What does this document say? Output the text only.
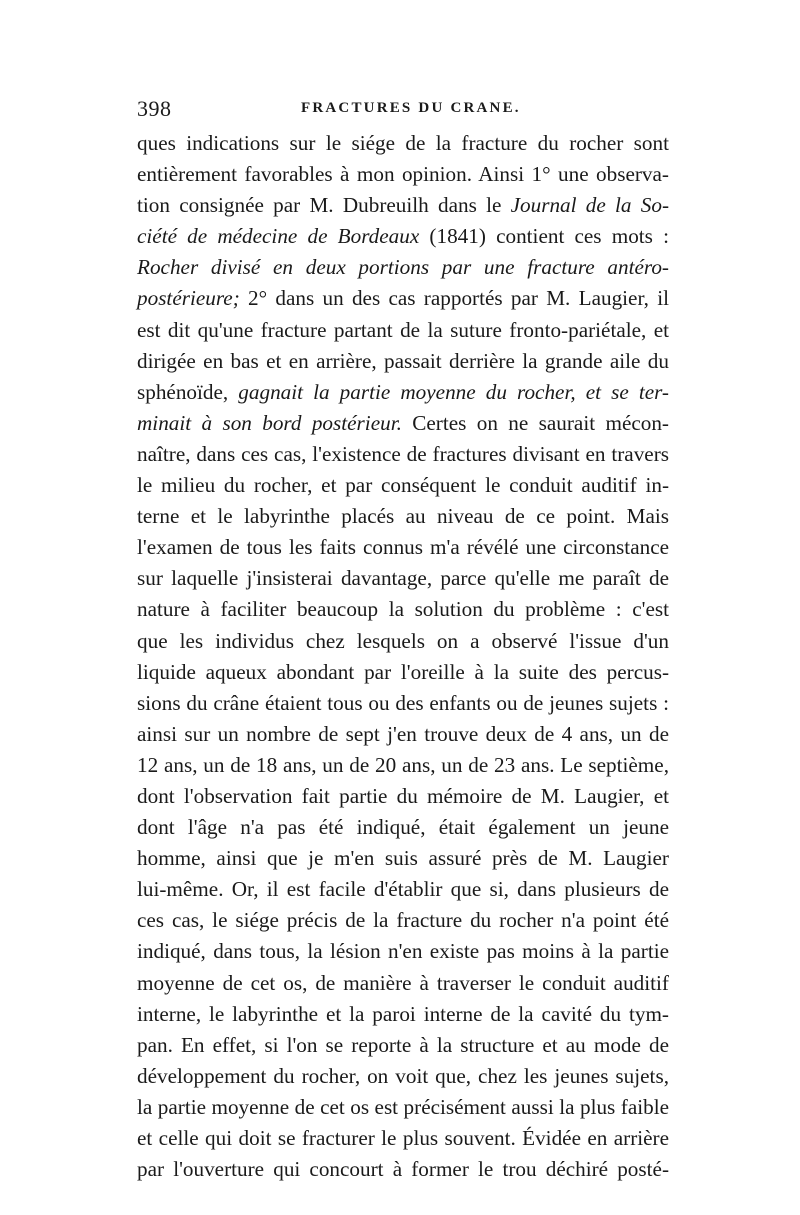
398	FRACTURES DU CRANE.
ques indications sur le siége de la fracture du rocher sont
entièrement favorables à mon opinion. Ainsi 1° une observa-
tion consignée par M. Dubreuilh dans le Journal de la So-
ciété de médecine de Bordeaux (1841) contient ces mots :
Rocher divisé en deux portions par une fracture antéro-
postérieure; 2° dans un des cas rapportés par M. Laugier, il
est dit qu'une fracture partant de la suture fronto-pariétale, et
dirigée en bas et en arrière, passait derrière la grande aile du
sphénoïde, gagnait la partie moyenne du rocher, et se ter-
minait à son bord postérieur. Certes on ne saurait mécon-
naître, dans ces cas, l'existence de fractures divisant en travers
le milieu du rocher, et par conséquent le conduit auditif in-
terne et le labyrinthe placés au niveau de ce point. Mais
l'examen de tous les faits connus m'a révélé une circonstance
sur laquelle j'insisterai davantage, parce qu'elle me paraît de
nature à faciliter beaucoup la solution du problème : c'est
que les individus chez lesquels on a observé l'issue d'un
liquide aqueux abondant par l'oreille à la suite des percus-
sions du crâne étaient tous ou des enfants ou de jeunes sujets :
ainsi sur un nombre de sept j'en trouve deux de 4 ans, un de
12 ans, un de 18 ans, un de 20 ans, un de 23 ans. Le septième,
dont l'observation fait partie du mémoire de M. Laugier, et
dont l'âge n'a pas été indiqué, était également un jeune
homme, ainsi que je m'en suis assuré près de M. Laugier
lui-même. Or, il est facile d'établir que si, dans plusieurs de
ces cas, le siége précis de la fracture du rocher n'a point été
indiqué, dans tous, la lésion n'en existe pas moins à la partie
moyenne de cet os, de manière à traverser le conduit auditif
interne, le labyrinthe et la paroi interne de la cavité du tym-
pan. En effet, si l'on se reporte à la structure et au mode de
développement du rocher, on voit que, chez les jeunes sujets,
la partie moyenne de cet os est précisément aussi la plus faible
et celle qui doit se fracturer le plus souvent. Évidée en arrière
par l'ouverture qui concourt à former le trou déchiré posté-
